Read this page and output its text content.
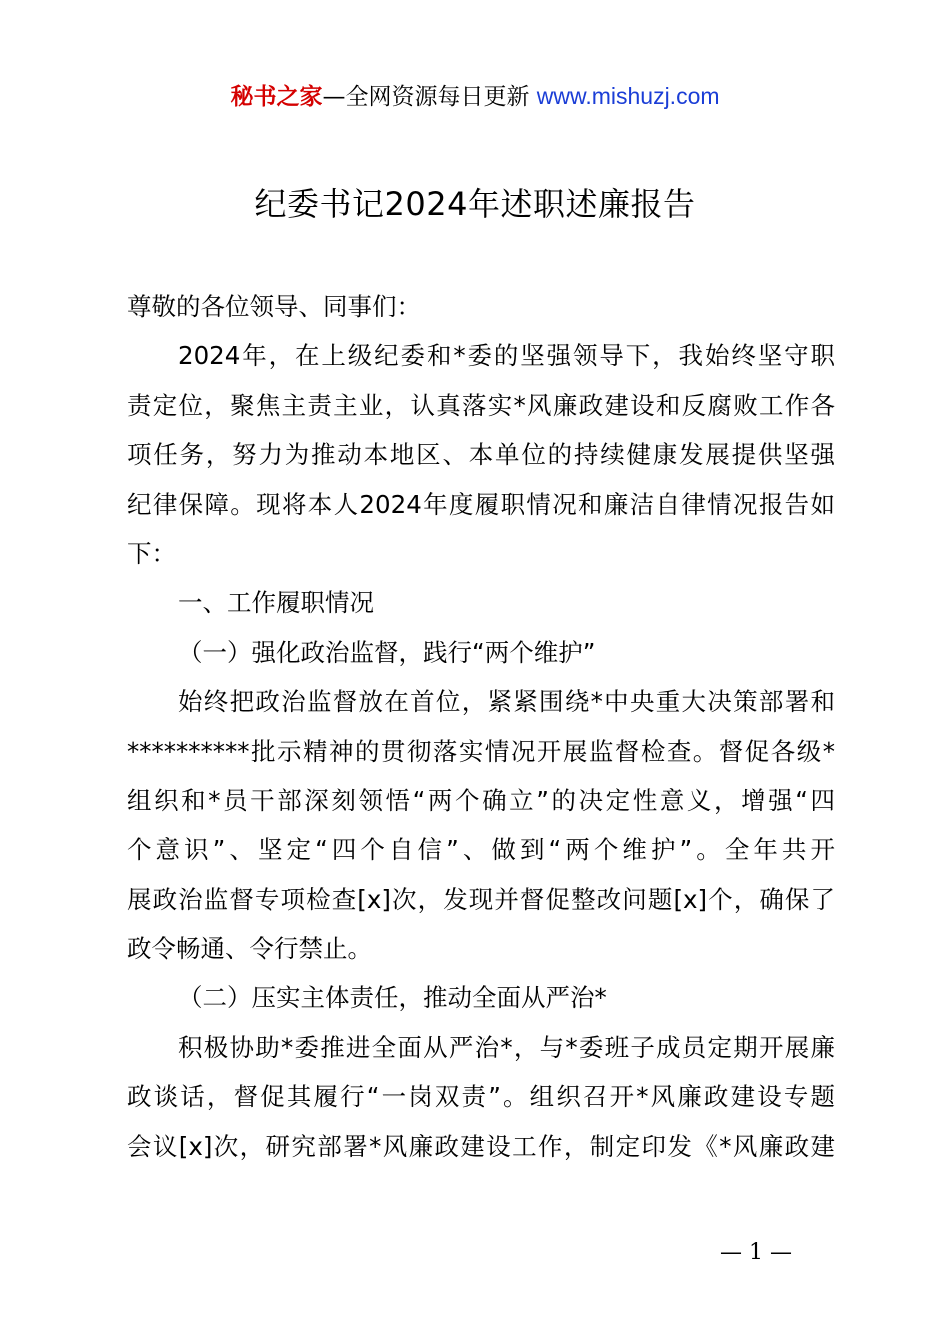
秘书之家—全网资源每日更新 www.mishuzj.com
纪委书记2024年述职述廉报告
尊敬的各位领导、同事们：
2024年，在上级纪委和*委的坚强领导下，我始终坚守职
责定位，聚焦主责主业，认真落实*风廉政建设和反腐败工作各
项任务，努力为推动本地区、本单位的持续健康发展提供坚强
纪律保障。现将本人2024年度履职情况和廉洁自律情况报告如
下：
一、工作履职情况
（一）强化政治监督，践行“两个维护”
始终把政治监督放在首位，紧紧围绕*中央重大决策部署和
**********批示精神的贯彻落实情况开展监督检查。督促各级*
组织和*员干部深刻领悟“两个确立”的决定性意义，增强“四
个意识”、坚定“四个自信”、做到“两个维护”。全年共开
展政治监督专项检查[x]次，发现并督促整改问题[x]个，确保了
政令畅通、令行禁止。
（二）压实主体责任，推动全面从严治*
积极协助*委推进全面从严治*，与*委班子成员定期开展廉
政谈话，督促其履行“一岗双责”。组织召开*风廉政建设专题
会议[x]次，研究部署*风廉政建设工作，制定印发《*风廉政建
— 1 —
